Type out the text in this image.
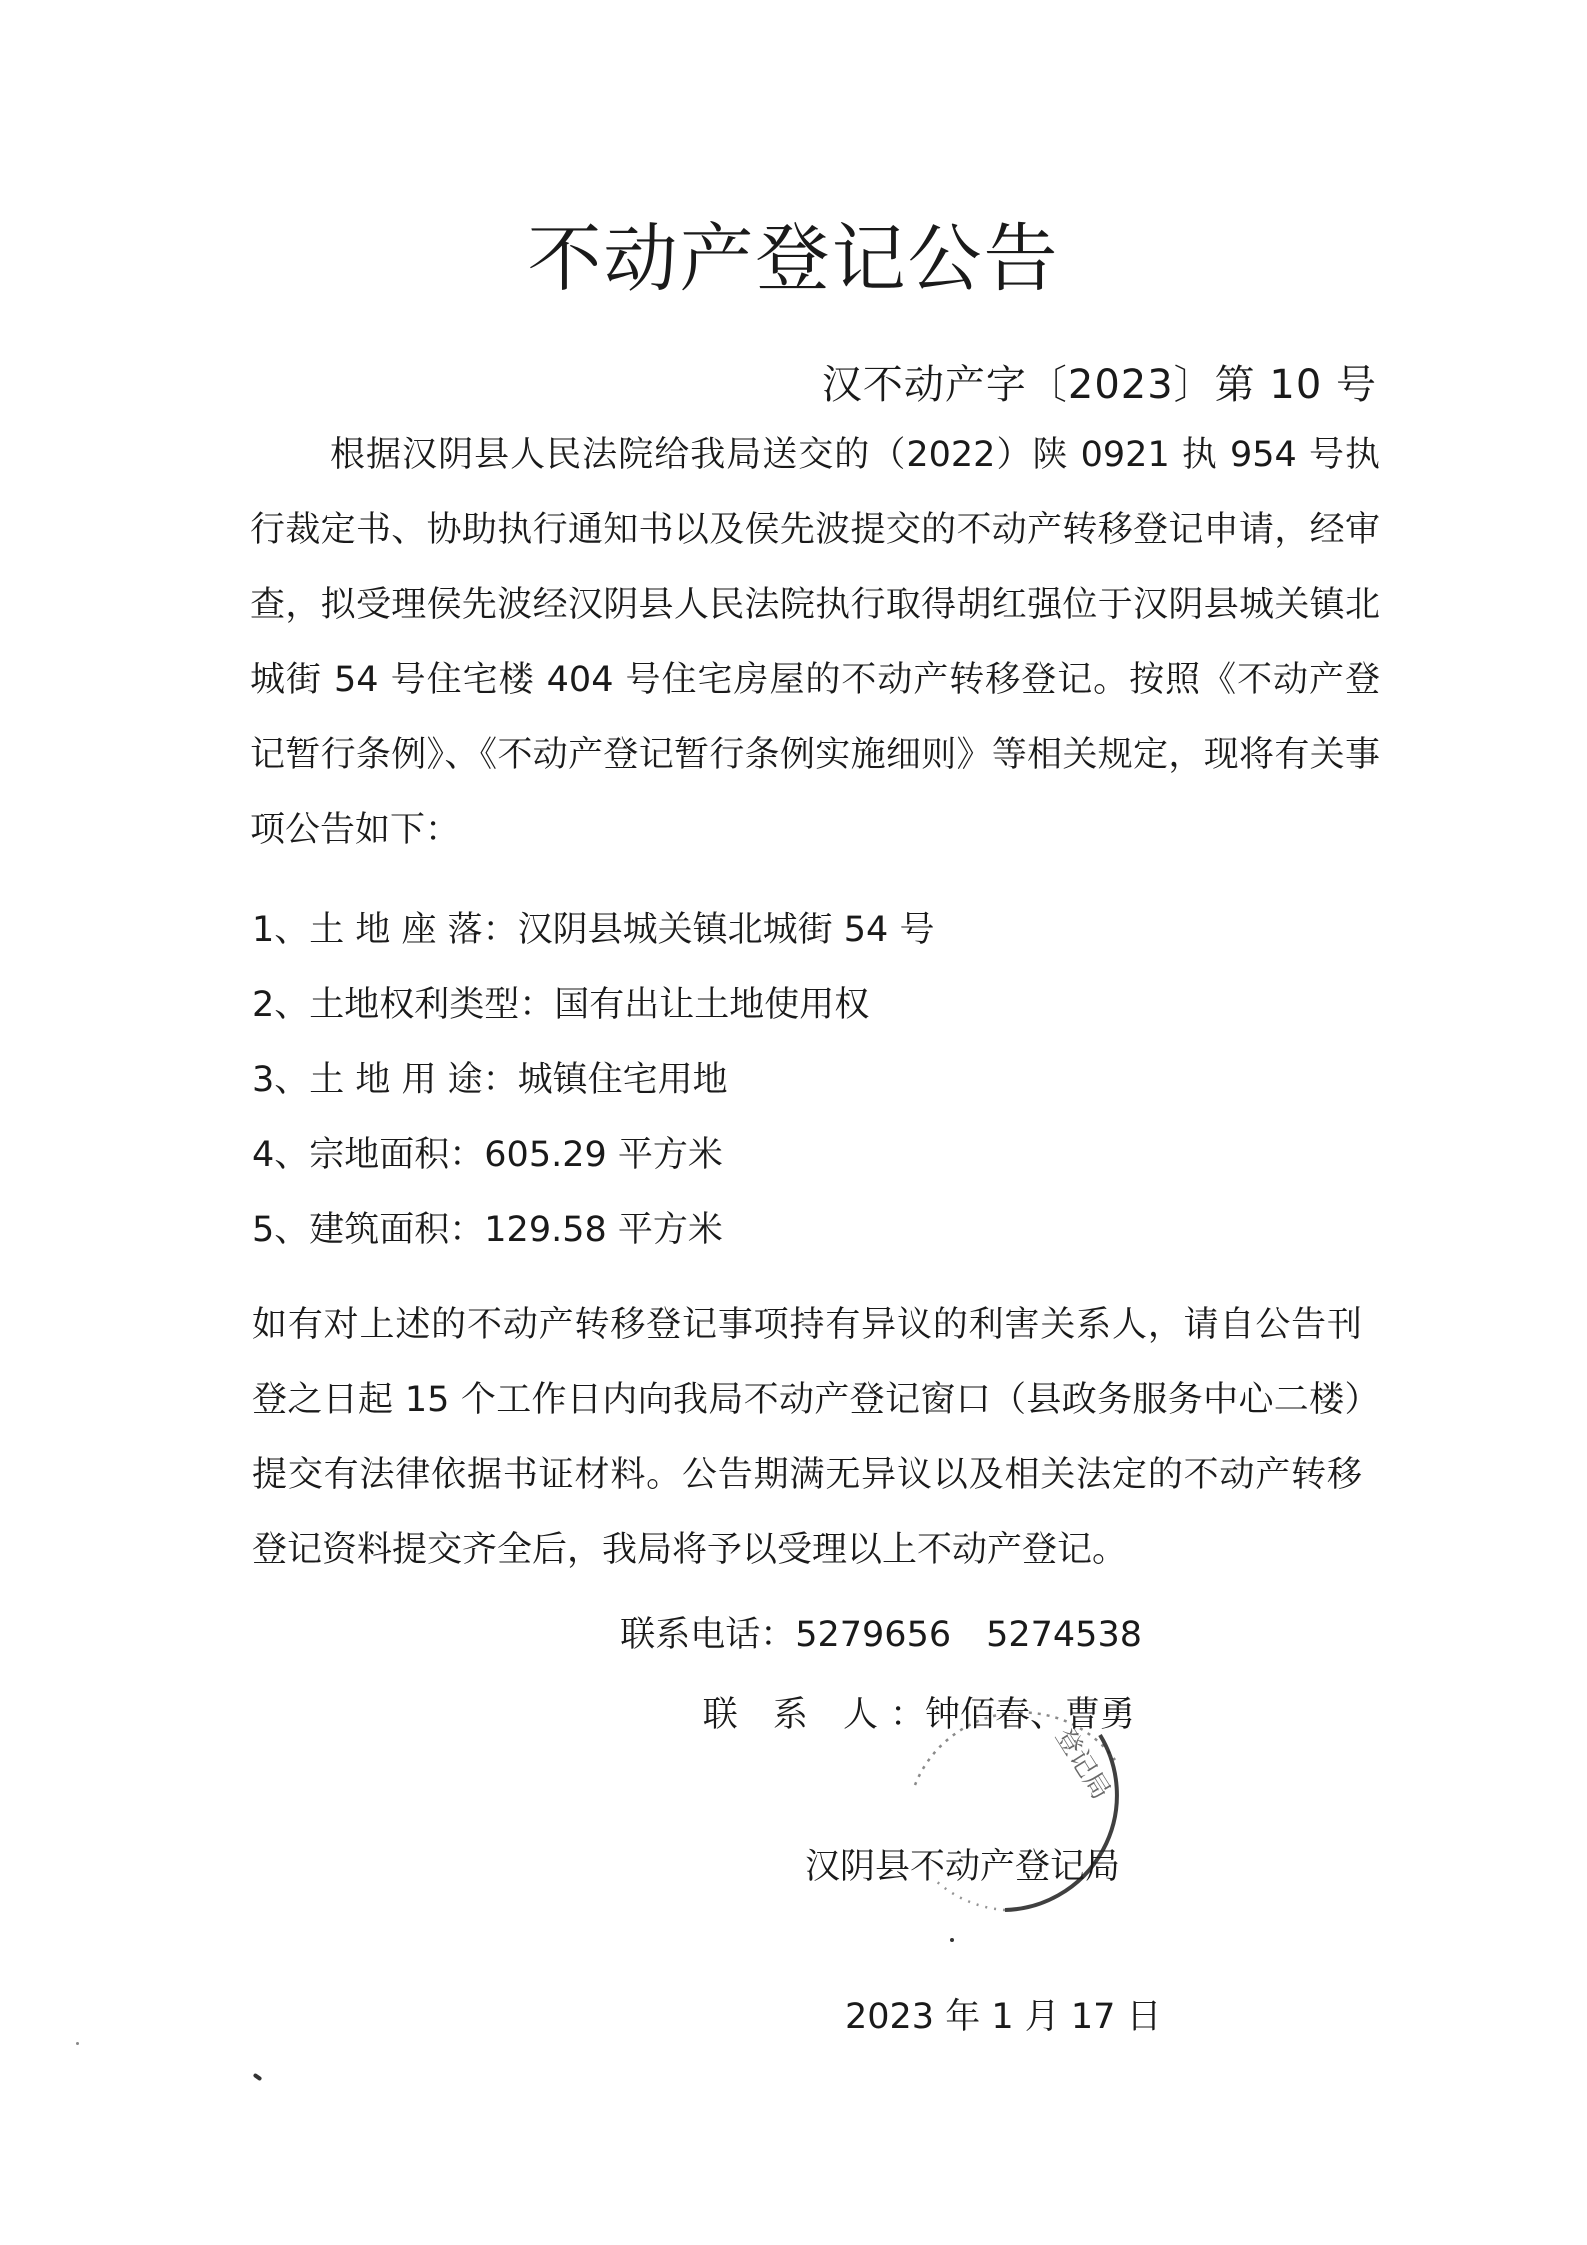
不动产登记公告
汉不动产字〔2023〕第 10 号

根据汉阴县人民法院给我局送交的（2022）陕 0921 执 954 号执行裁定书、协助执行通知书以及侯先波提交的不动产转移登记申请，经审查，拟受理侯先波经汉阴县人民法院执行取得胡红强位于汉阴县城关镇北城街 54 号住宅楼 404 号住宅房屋的不动产转移登记。按照《不动产登记暂行条例》、《不动产登记暂行条例实施细则》等相关规定，现将有关事项公告如下：

1、土 地 座 落：汉阴县城关镇北城街 54 号
2、土地权利类型：国有出让土地使用权
3、土 地 用 途：城镇住宅用地
4、宗地面积：605.29 平方米
5、建筑面积：129.58 平方米

如有对上述的不动产转移登记事项持有异议的利害关系人，请自公告刊登之日起 15 个工作日内向我局不动产登记窗口（县政务服务中心二楼）提交有法律依据书证材料。公告期满无异议以及相关法定的不动产转移登记资料提交齐全后，我局将予以受理以上不动产登记。

联系电话：5279656　5274538
联 系 人：钟佰春、曹勇
登记局
汉阴县不动产登记局
2023 年 1 月 17 日
